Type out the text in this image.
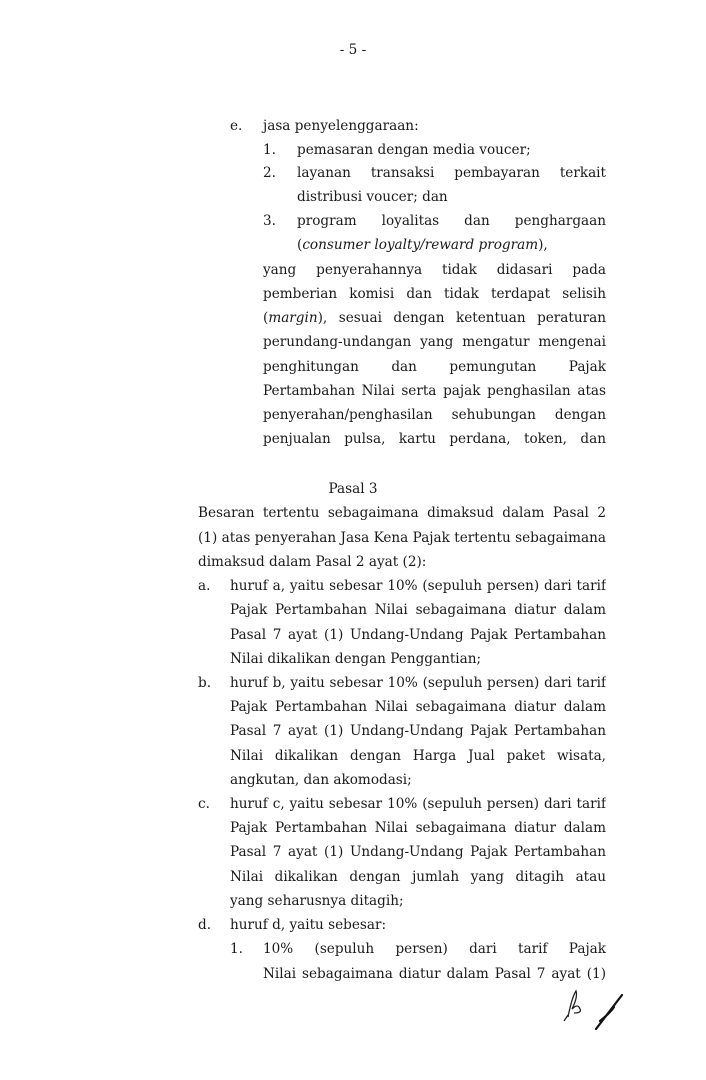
- 5 -
e. jasa penyelenggaraan:
1. pemasaran dengan media voucer;
2. layanan transaksi pembayaran terkait
distribusi voucer; dan
3. program loyalitas dan penghargaan
(consumer loyalty/reward program),
yang penyerahannya tidak didasari pada
pemberian komisi dan tidak terdapat selisih
(margin), sesuai dengan ketentuan peraturan
perundang-undangan yang mengatur mengenai
penghitungan dan pemungutan Pajak
Pertambahan Nilai serta pajak penghasilan atas
penyerahan/penghasilan sehubungan dengan
penjualan pulsa, kartu perdana, token, dan
Pasal 3
Besaran tertentu sebagaimana dimaksud dalam Pasal 2
(1) atas penyerahan Jasa Kena Pajak tertentu sebagaimana
dimaksud dalam Pasal 2 ayat (2):
a. huruf a, yaitu sebesar 10% (sepuluh persen) dari tarif
Pajak Pertambahan Nilai sebagaimana diatur dalam
Pasal 7 ayat (1) Undang-Undang Pajak Pertambahan
Nilai dikalikan dengan Penggantian;
b. huruf b, yaitu sebesar 10% (sepuluh persen) dari tarif
Pajak Pertambahan Nilai sebagaimana diatur dalam
Pasal 7 ayat (1) Undang-Undang Pajak Pertambahan
Nilai dikalikan dengan Harga Jual paket wisata,
angkutan, dan akomodasi;
c. huruf c, yaitu sebesar 10% (sepuluh persen) dari tarif
Pajak Pertambahan Nilai sebagaimana diatur dalam
Pasal 7 ayat (1) Undang-Undang Pajak Pertambahan
Nilai dikalikan dengan jumlah yang ditagih atau
yang seharusnya ditagih;
d. huruf d, yaitu sebesar:
1. 10% (sepuluh persen) dari tarif Pajak
Nilai sebagaimana diatur dalam Pasal 7 ayat (1)
